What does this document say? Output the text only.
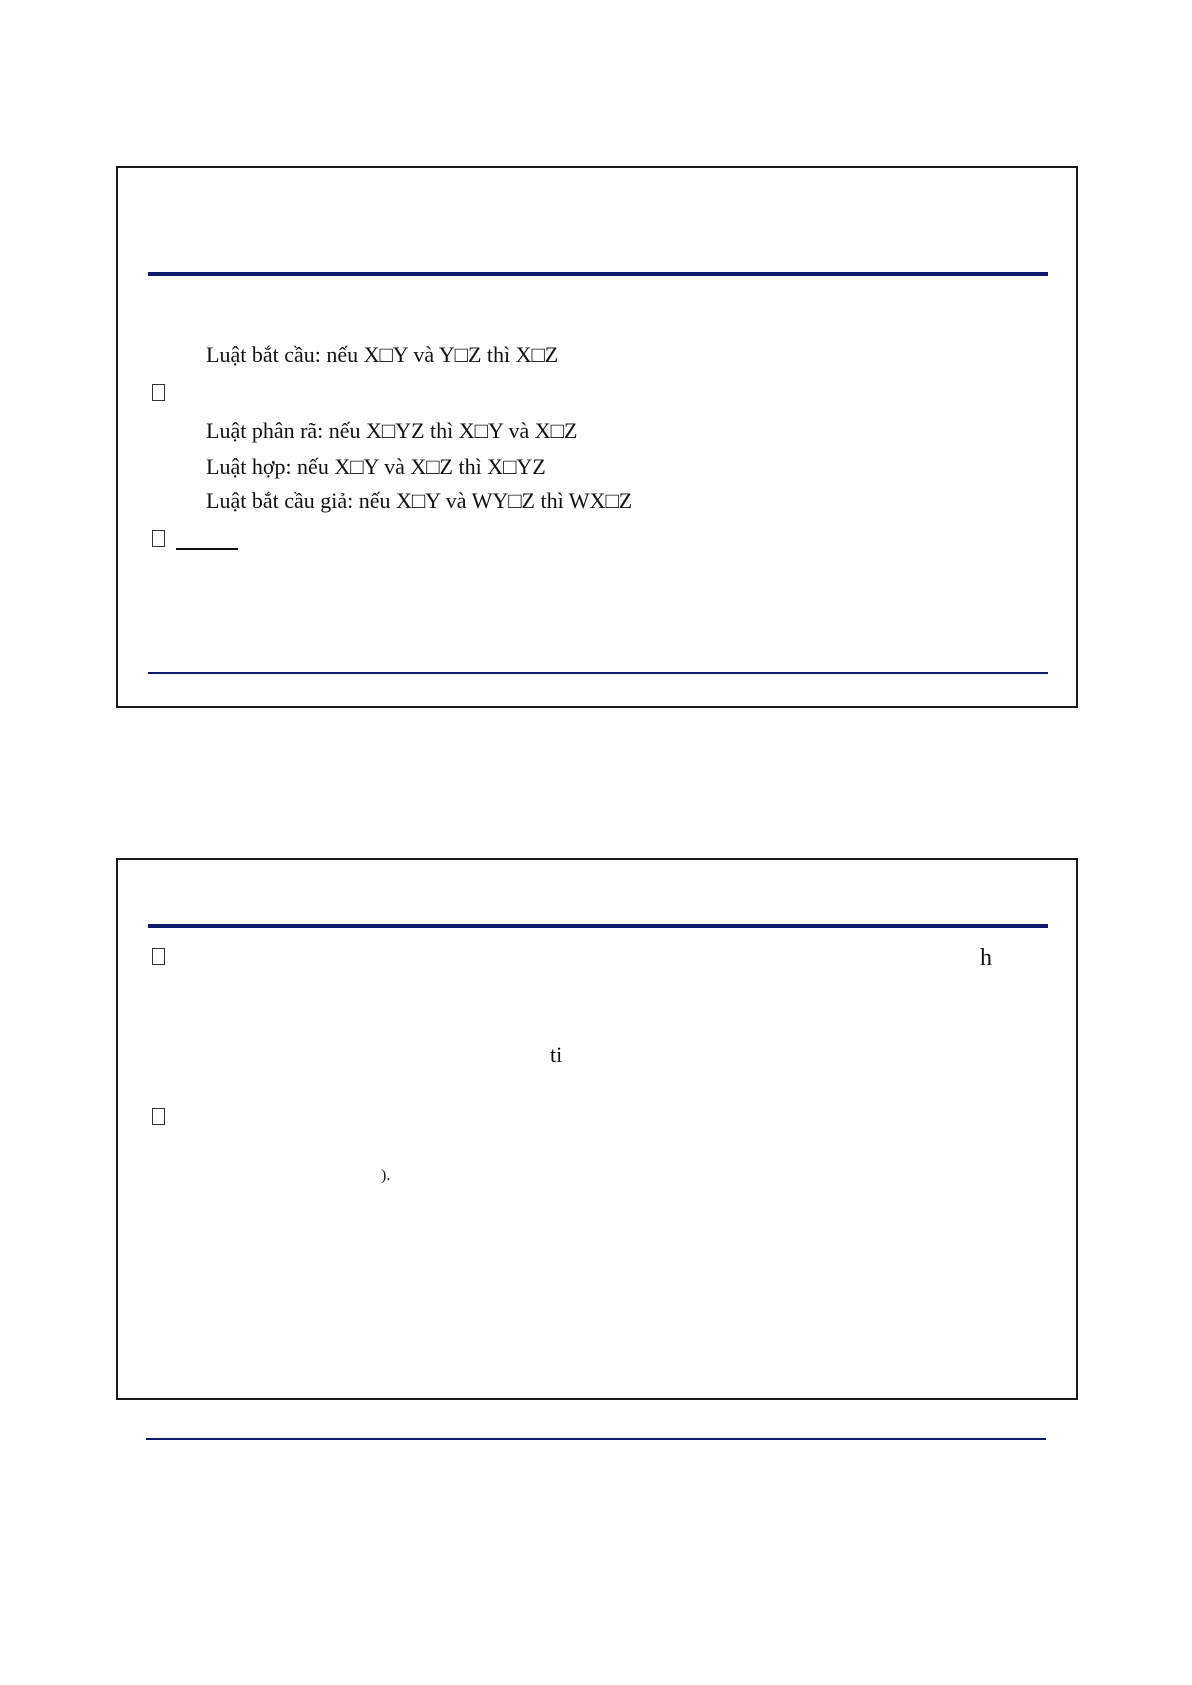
Luật bắt cầu: nếu X□Y và Y□Z thì X□Z
Luật phân rã: nếu X□YZ thì X□Y và X□Z
Luật hợp: nếu X□Y và X□Z thì X□YZ
Luật bắt cầu giả: nếu X□Y và WY□Z thì WX□Z
h
ti
).
